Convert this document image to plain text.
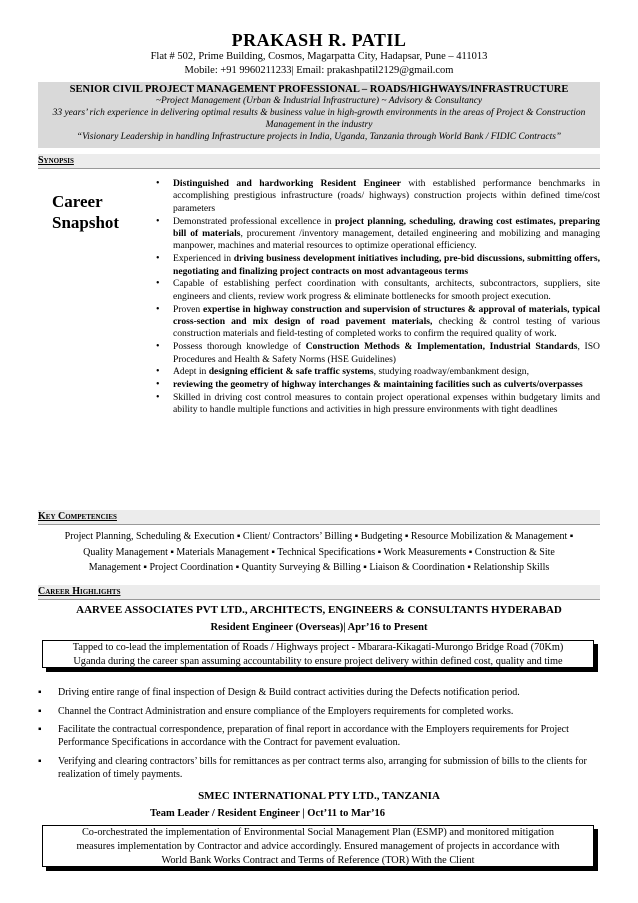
PRAKASH R. PATIL
Flat # 502, Prime Building, Cosmos, Magarpatta City, Hadapsar, Pune – 411013
Mobile: +91 9960211233| Email: prakashpatil2129@gmail.com
SENIOR CIVIL PROJECT MANAGEMENT PROFESSIONAL – ROADS/HIGHWAYS/INFRASTRUCTURE
~Project Management (Urban & Industrial Infrastructure) ~ Advisory & Consultancy
33 years’ rich experience in delivering optimal results & business value in high-growth environments in the areas of Project & Construction Management in the industry
“Visionary Leadership in handling Infrastructure projects in India, Uganda, Tanzania through World Bank / FIDIC Contracts”
Synopsis
Career
Snapshot
• Distinguished and hardworking Resident Engineer with established performance benchmarks in accomplishing prestigious infrastructure (roads/ highways) construction projects within defined time/cost parameters
• Demonstrated professional excellence in project planning, scheduling, drawing cost estimates, preparing bill of materials, procurement /inventory management, detailed engineering and mobilizing and managing manpower, machines and material resources to optimize operational efficiency.
• Experienced in driving business development initiatives including, pre-bid discussions, submitting offers, negotiating and finalizing project contracts on most advantageous terms
• Capable of establishing perfect coordination with consultants, architects, subcontractors, suppliers, site engineers and clients, review work progress & eliminate bottlenecks for smooth project execution.
• Proven expertise in highway construction and supervision of structures & approval of materials, typical cross-section and mix design of road pavement materials, checking & control testing of various construction materials and field-testing of completed works to confirm the required quality of work.
• Possess thorough knowledge of Construction Methods & Implementation, Industrial Standards, ISO Procedures and Health & Safety Norms (HSE Guidelines)
• Adept in designing efficient & safe traffic systems, studying roadway/embankment design,
• reviewing the geometry of highway interchanges & maintaining facilities such as culverts/overpasses
• Skilled in driving cost control measures to contain project operational expenses within budgetary limits and ability to handle multiple functions and activities in high pressure environments with tight deadlines
Key Competencies
Project Planning, Scheduling & Execution ▪ Client/ Contractors’ Billing ▪ Budgeting ▪ Resource Mobilization & Management ▪
Quality Management ▪ Materials Management ▪ Technical Specifications ▪ Work Measurements ▪ Construction & Site
Management ▪ Project Coordination ▪ Quantity Surveying & Billing ▪ Liaison & Coordination ▪ Relationship Skills
Career Highlights
AARVEE ASSOCIATES PVT LTD., ARCHITECTS, ENGINEERS & CONSULTANTS HYDERABAD
Resident Engineer (Overseas)| Apr’16 to Present
Tapped to co-lead the implementation of Roads / Highways project - Mbarara-Kikagati-Murongo Bridge Road (70Km)
Uganda during the career span assuming accountability to ensure project delivery within defined cost, quality and time
▪ Driving entire range of final inspection of Design & Build contract activities during the Defects notification period.
▪ Channel the Contract Administration and ensure compliance of the Employers requirements for completed works.
▪ Facilitate the contractual correspondence, preparation of final report in accordance with the Employers requirements for Project Performance Specifications in accordance with the Contract for pavement evaluation.
▪ Verifying and clearing contractors’ bills for remittances as per contract terms also, arranging for submission of bills to the clients for realization of timely payments.
SMEC INTERNATIONAL PTY LTD., TANZANIA
Team Leader / Resident Engineer | Oct’11 to Mar’16
Co-orchestrated the implementation of Environmental Social Management Plan (ESMP) and monitored mitigation
measures implementation by Contractor and advice accordingly. Ensured management of projects in accordance with
World Bank Works Contract and Terms of Reference (TOR) With the Client
